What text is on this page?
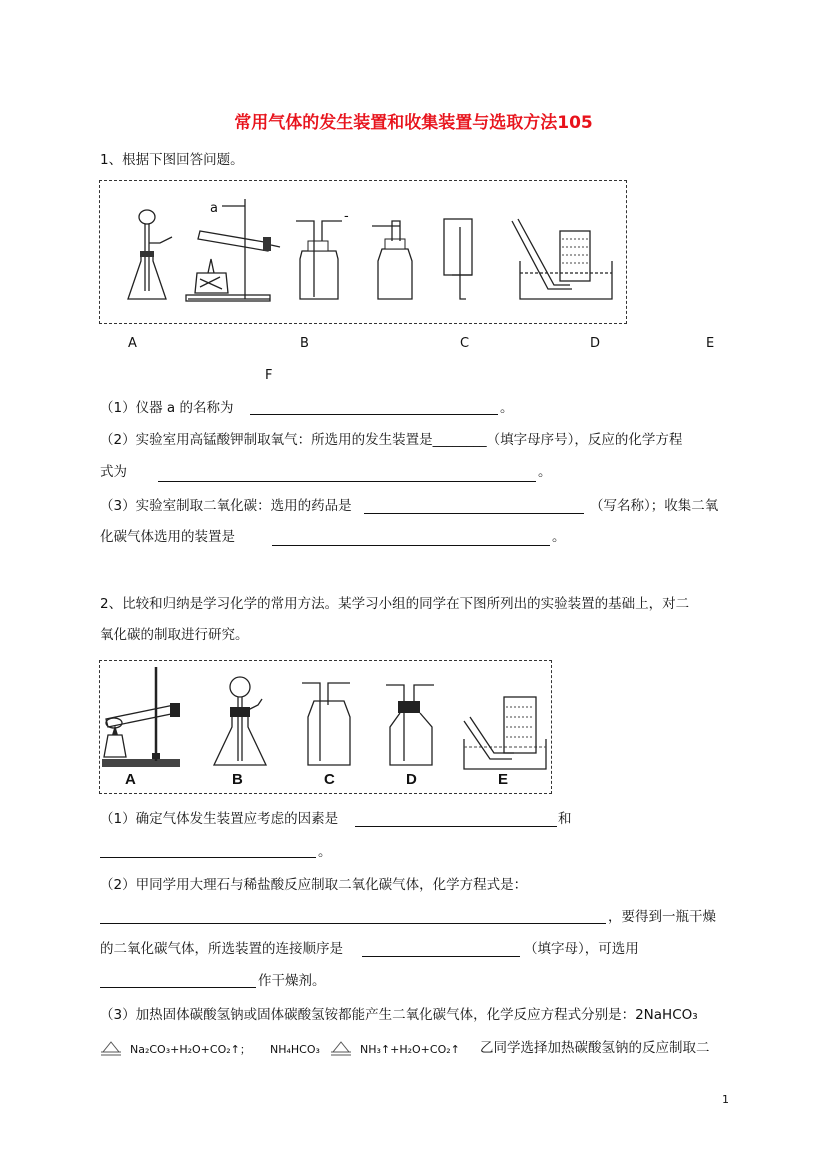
常用气体的发生装置和收集装置与选取方法105
1、根据下图回答问题。
a
-
A	B	C	D	E
F
（1）仪器 a 的名称为	。
（2）实验室用高锰酸钾制取氧气：所选用的发生装置是________（填字母序号），反应的化学方程
式为	。
（3）实验室制取二氧化碳：选用的药品是	（写名称）；收集二氧
化碳气体选用的装置是	。
2、比较和归纳是学习化学的常用方法。某学习小组的同学在下图所列出的实验装置的基础上，对二
氧化碳的制取进行研究。
A	B	C	D	E
（1）确定气体发生装置应考虑的因素是	和
。
（2）甲同学用大理石与稀盐酸反应制取二氧化碳气体，化学方程式是：
，要得到一瓶干燥
的二氧化碳气体，所选装置的连接顺序是	（填字母），可选用
作干燥剂。
（3）加热固体碳酸氢钠或固体碳酸氢铵都能产生二氧化碳气体，化学反应方程式分别是：2NaHCO₃
Na₂CO₃+H₂O+CO₂↑； NH₄HCO₃	NH₃↑+H₂O+CO₂↑ 乙同学选择加热碳酸氢钠的反应制取二
1
